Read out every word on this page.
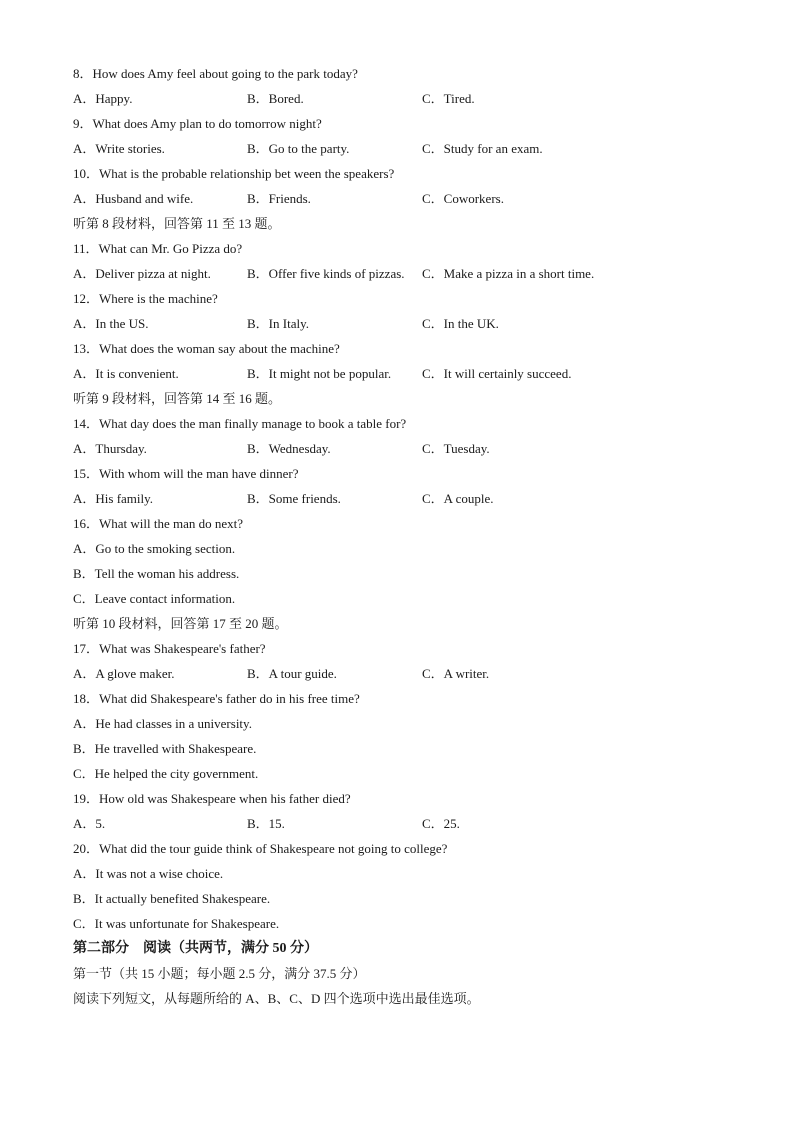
8．How does Amy feel about going to the park today?
A．Happy.	B．Bored.	C．Tired.
9．What does Amy plan to do tomorrow night?
A．Write stories.	B．Go to the party.	C．Study for an exam.
10．What is the probable relationship bet ween the speakers?
A．Husband and wife.	B．Friends.	C．Coworkers.
听第 8 段材料，回答第 11 至 13 题。
11．What can Mr. Go Pizza do?
A．Deliver pizza at night.	B．Offer five kinds of pizzas. C．Make a pizza in a short time.
12．Where is the machine?
A．In the US.	B．In Italy.	C．In the UK.
13．What does the woman say about the machine?
A．It is convenient.	B．It might not be popular. C．It will certainly succeed.
听第 9 段材料，回答第 14 至 16 题。
14．What day does the man finally manage to book a table for?
A．Thursday.	B．Wednesday.	C．Tuesday.
15．With whom will the man have dinner?
A．His family.	B．Some friends.	C．A couple.
16．What will the man do next?
A．Go to the smoking section.
B．Tell the woman his address.
C．Leave contact information.
听第 10 段材料，回答第 17 至 20 题。
17．What was Shakespeare's father?
A．A glove maker.	B．A tour guide.	C．A writer.
18．What did Shakespeare's father do in his free time?
A．He had classes in a university.
B．He travelled with Shakespeare.
C．He helped the city government.
19．How old was Shakespeare when his father died?
A．5.	B．15.	C．25.
20．What did the tour guide think of Shakespeare not going to college?
A．It was not a wise choice.
B．It actually benefited Shakespeare.
C．It was unfortunate for Shakespeare.
第二部分　阅读（共两节，满分 50 分）
第一节（共 15 小题；每小题 2.5 分，满分 37.5 分）
阅读下列短文，从每题所给的 A、B、C、D 四个选项中选出最佳选项。
